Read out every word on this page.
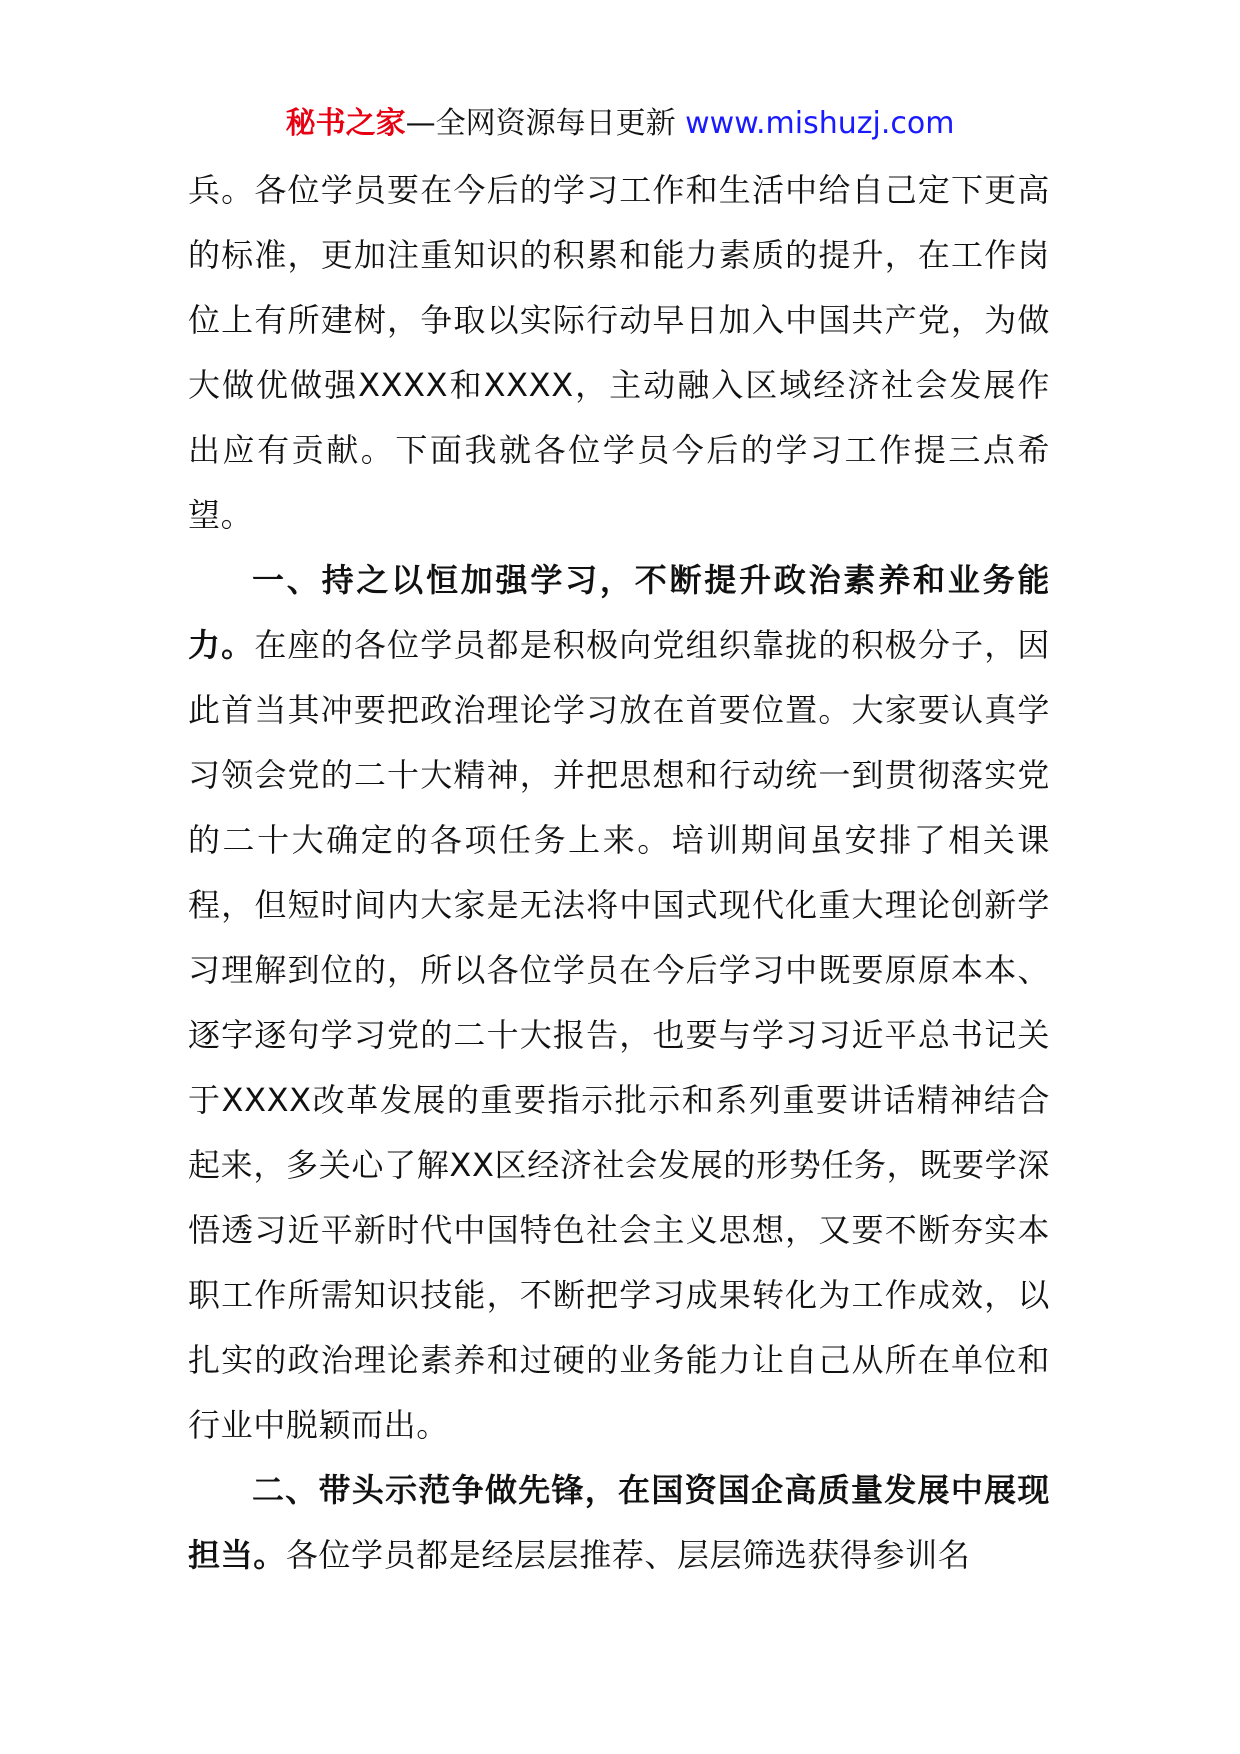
秘书之家—全网资源每日更新 www.mishuzj.com

兵。各位学员要在今后的学习工作和生活中给自己定下更高的标准，更加注重知识的积累和能力素质的提升，在工作岗位上有所建树，争取以实际行动早日加入中国共产党，为做大做优做强XXXX和XXXX，主动融入区域经济社会发展作出应有贡献。下面我就各位学员今后的学习工作提三点希望。

一、持之以恒加强学习，不断提升政治素养和业务能力。在座的各位学员都是积极向党组织靠拢的积极分子，因此首当其冲要把政治理论学习放在首要位置。大家要认真学习领会党的二十大精神，并把思想和行动统一到贯彻落实党的二十大确定的各项任务上来。培训期间虽安排了相关课程，但短时间内大家是无法将中国式现代化重大理论创新学习理解到位的，所以各位学员在今后学习中既要原原本本、逐字逐句学习党的二十大报告，也要与学习习近平总书记关于XXXX改革发展的重要指示批示和系列重要讲话精神结合起来，多关心了解XX区经济社会发展的形势任务，既要学深悟透习近平新时代中国特色社会主义思想，又要不断夯实本职工作所需知识技能，不断把学习成果转化为工作成效，以扎实的政治理论素养和过硬的业务能力让自己从所在单位和行业中脱颖而出。

二、带头示范争做先锋，在国资国企高质量发展中展现担当。各位学员都是经层层推荐、层层筛选获得参训名
